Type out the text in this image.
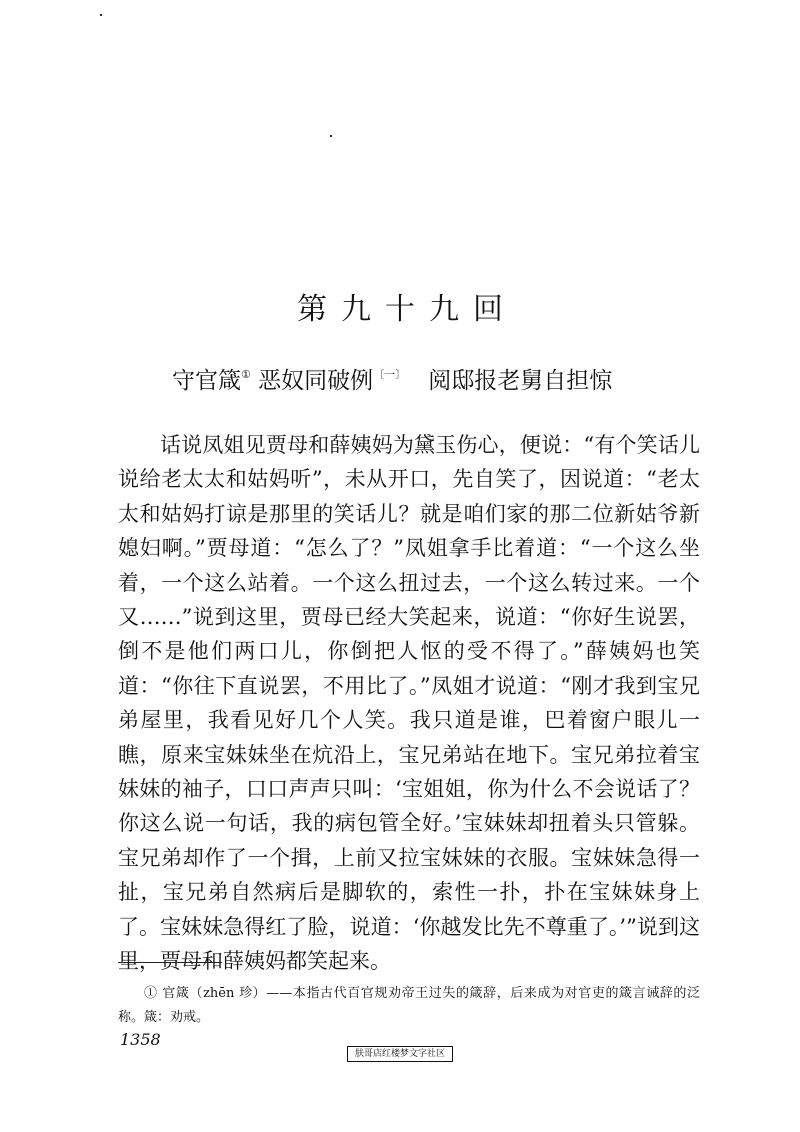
第九十九回
守官箴① 恶奴同破例$^{〔一〕}$ 阅邸报老舅自担惊

话说凤姐见贾母和薛姨妈为黛玉伤心，便说：“有个笑话儿说给老太太和姑妈听”，未从开口，先自笑了，因说道：“老太太和姑妈打谅是那里的笑话儿？就是咱们家的那二位新姑爷新媳妇啊。”贾母道：“怎么了？”凤姐拿手比着道：“一个这么坐着，一个这么站着。一个这么扭过去，一个这么转过来。一个又……”说到这里，贾母已经大笑起来，说道：“你好生说罢，倒不是他们两口儿，你倒把人怄的受不得了。”薛姨妈也笑道：“你往下直说罢，不用比了。”凤姐才说道：“刚才我到宝兄弟屋里，我看见好几个人笑。我只道是谁，巴着窗户眼儿一瞧，原来宝妹妹坐在炕沿上，宝兄弟站在地下。宝兄弟拉着宝妹妹的袖子，口口声声只叫：‘宝姐姐，你为什么不会说话了？你这么说一句话，我的病包管全好。’宝妹妹却扭着头只管躲。宝兄弟却作了一个揖，上前又拉宝妹妹的衣服。宝妹妹急得一扯，宝兄弟自然病后是脚软的，索性一扑，扑在宝妹妹身上了。宝妹妹急得红了脸，说道：‘你越发比先不尊重了。’”说到这里，贾母和薛姨妈都笑起来。

① 官箴（zhēn 珍）——本指古代百官规劝帝王过失的箴辞，后来成为对官吏的箴言诫辞的泛称。箴：劝戒。

1358
肤哥店红楼梦文字社区
